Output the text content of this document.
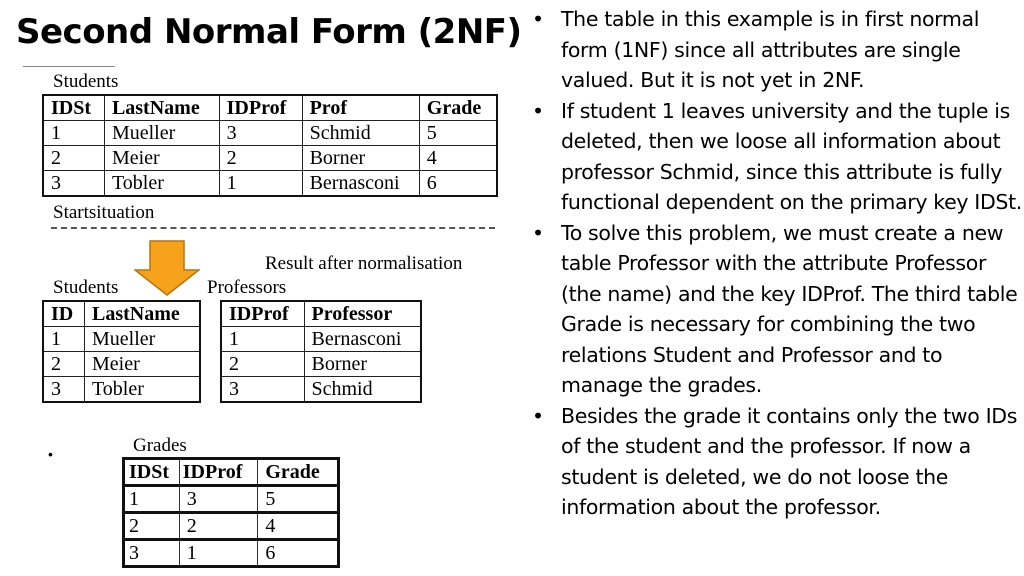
Second Normal Form (2NF)
Students
IDSt	LastName	IDProf	Prof	Grade
1	Mueller	3	Schmid	5
2	Meier	2	Borner	4
3	Tobler	1	Bernasconi	6
Startsituation
Result after normalisation
Students
ID	LastName
1	Mueller
2	Meier
3	Tobler
Professors
IDProf	Professor
1	Bernasconi
2	Borner
3	Schmid
•	Grades
IDSt	IDProf	Grade
1	3	5
2	2	4
3	1	6
• The table in this example is in first normal form (1NF) since all attributes are single valued. But it is not yet in 2NF.
• If student 1 leaves university and the tuple is deleted, then we loose all information about professor Schmid, since this attribute is fully functional dependent on the primary key IDSt.
• To solve this problem, we must create a new table Professor with the attribute Professor (the name) and the key IDProf. The third table Grade is necessary for combining the two relations Student and Professor and to manage the grades.
• Besides the grade it contains only the two IDs of the student and the professor. If now a student is deleted, we do not loose the information about the professor.
